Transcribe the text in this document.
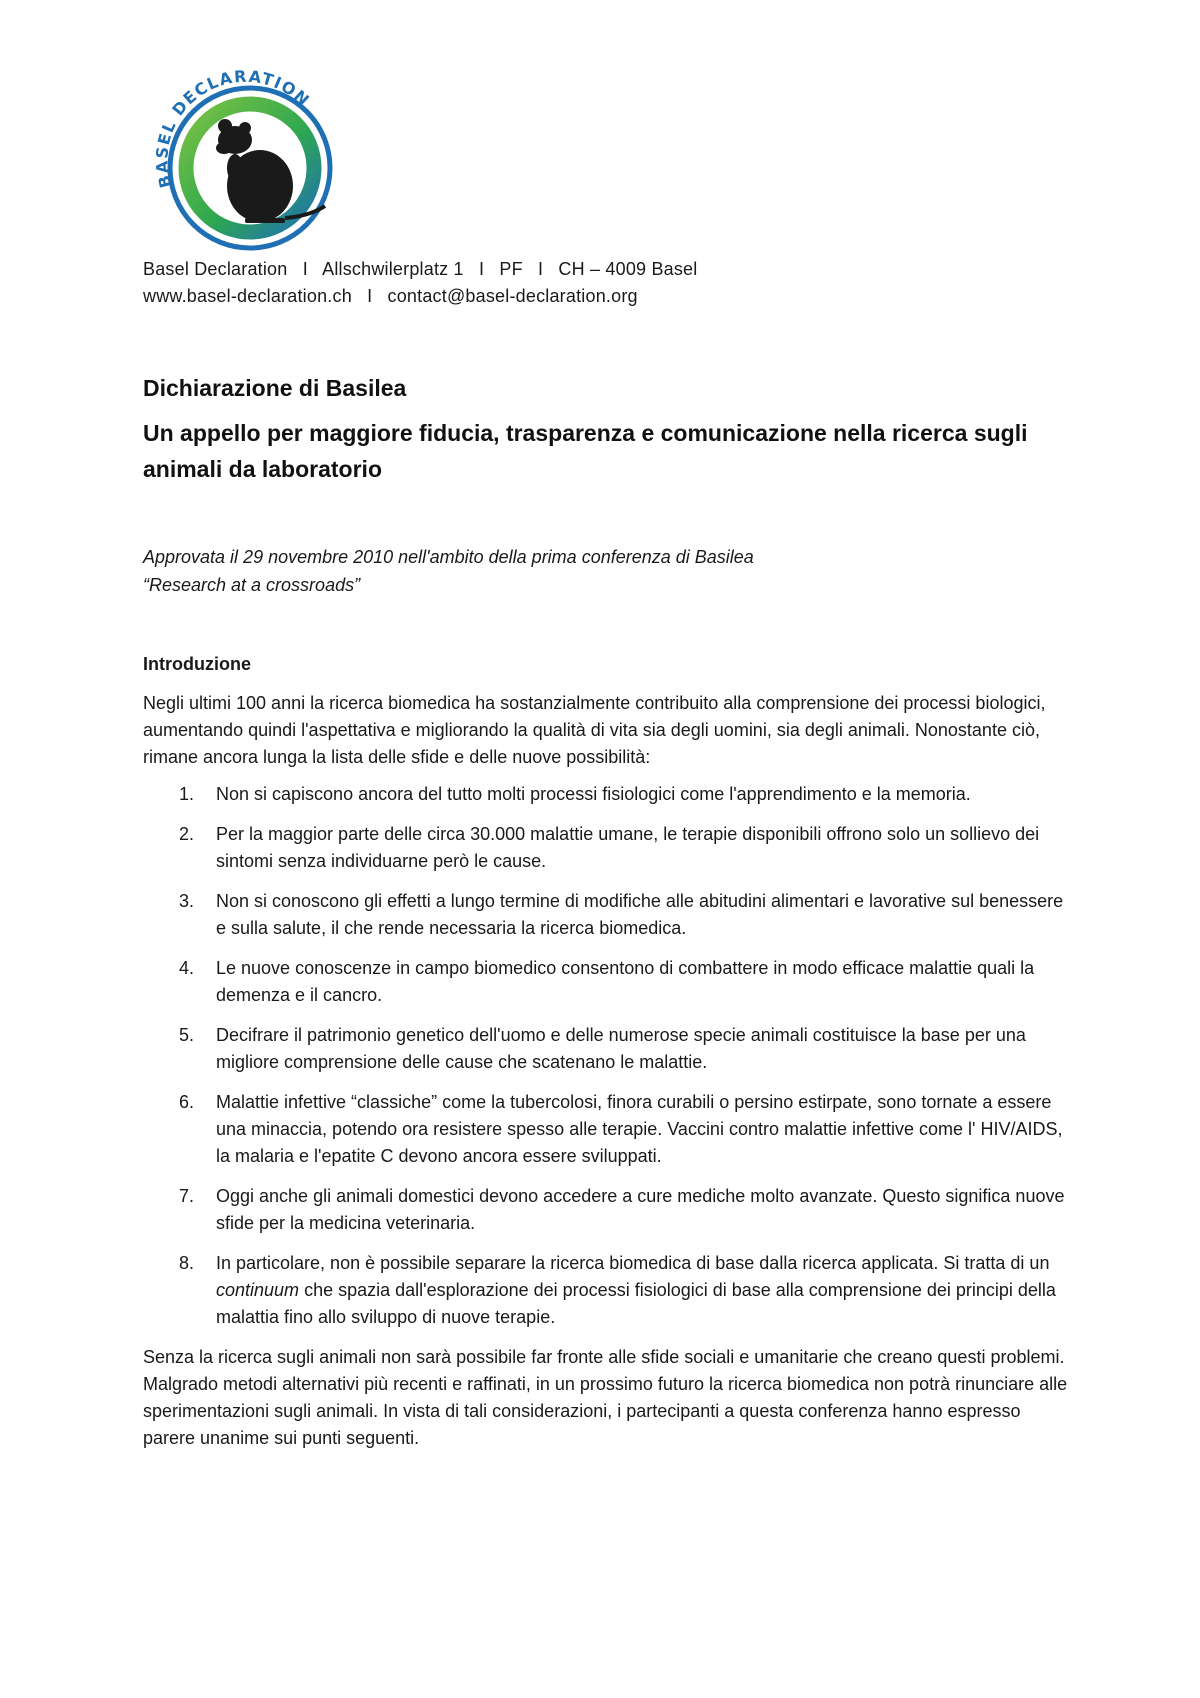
BASEL DECLARATION
Basel Declaration I Allschwilerplatz 1 I PF I CH – 4009 Basel
www.basel-declaration.ch I contact@basel-declaration.org
Dichiarazione di Basilea
Un appello per maggiore fiducia, trasparenza e comunicazione nella ricerca sugli animali da laboratorio
Approvata il 29 novembre 2010 nell'ambito della prima conferenza di Basilea
“Research at a crossroads”
Introduzione

Negli ultimi 100 anni la ricerca biomedica ha sostanzialmente contribuito alla comprensione dei processi biologici, aumentando quindi l'aspettativa e migliorando la qualità di vita sia degli uomini, sia degli animali. Nonostante ciò, rimane ancora lunga la lista delle sfide e delle nuove possibilità:

1. Non si capiscono ancora del tutto molti processi fisiologici come l'apprendimento e la memoria.
2. Per la maggior parte delle circa 30.000 malattie umane, le terapie disponibili offrono solo un sollievo dei sintomi senza individuarne però le cause.
3. Non si conoscono gli effetti a lungo termine di modifiche alle abitudini alimentari e lavorative sul benessere e sulla salute, il che rende necessaria la ricerca biomedica.
4. Le nuove conoscenze in campo biomedico consentono di combattere in modo efficace malattie quali la demenza e il cancro.
5. Decifrare il patrimonio genetico dell'uomo e delle numerose specie animali costituisce la base per una migliore comprensione delle cause che scatenano le malattie.
6. Malattie infettive “classiche” come la tubercolosi, finora curabili o persino estirpate, sono tornate a essere una minaccia, potendo ora resistere spesso alle terapie. Vaccini contro malattie infettive come l' HIV/AIDS, la malaria e l'epatite C devono ancora essere sviluppati.
7. Oggi anche gli animali domestici devono accedere a cure mediche molto avanzate. Questo significa nuove sfide per la medicina veterinaria.
8. In particolare, non è possibile separare la ricerca biomedica di base dalla ricerca applicata. Si tratta di un continuum che spazia dall'esplorazione dei processi fisiologici di base alla comprensione dei principi della malattia fino allo sviluppo di nuove terapie.

Senza la ricerca sugli animali non sarà possibile far fronte alle sfide sociali e umanitarie che creano questi problemi. Malgrado metodi alternativi più recenti e raffinati, in un prossimo futuro la ricerca biomedica non potrà rinunciare alle sperimentazioni sugli animali. In vista di tali considerazioni, i partecipanti a questa conferenza hanno espresso parere unanime sui punti seguenti.
